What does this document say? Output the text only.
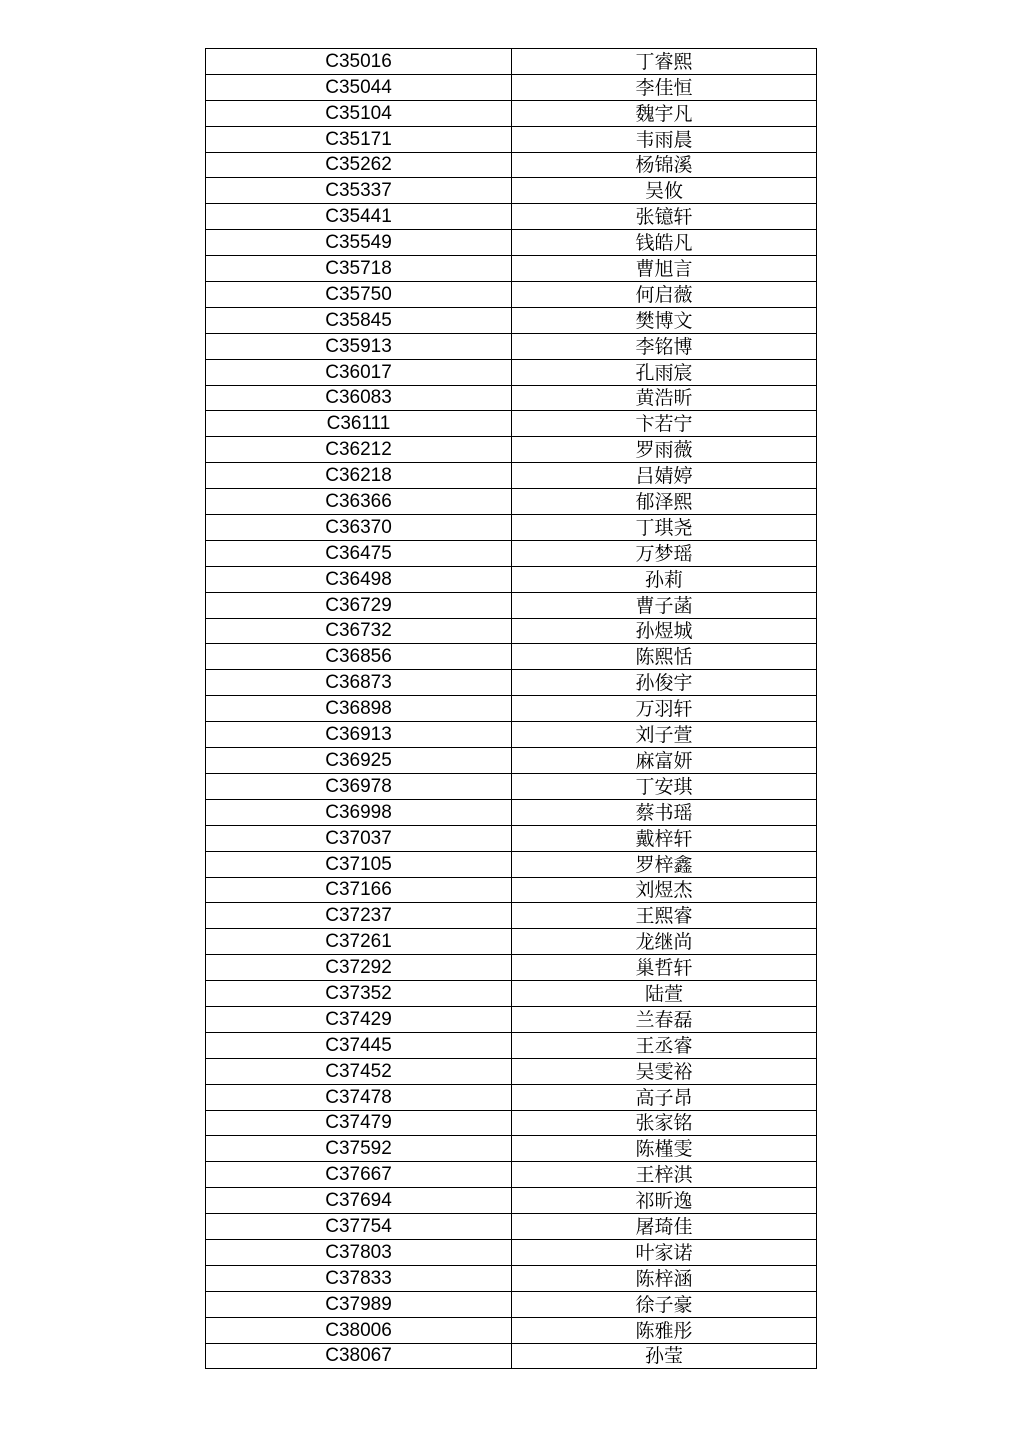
C35016	丁睿熙
C35044	李佳恒
C35104	魏宇凡
C35171	韦雨晨
C35262	杨锦溪
C35337	吴攸
C35441	张镱轩
C35549	钱皓凡
C35718	曹旭言
C35750	何启薇
C35845	樊博文
C35913	李铭博
C36017	孔雨宸
C36083	黄浩昕
C36111	卞若宁
C36212	罗雨薇
C36218	吕婧婷
C36366	郁泽熙
C36370	丁琪尧
C36475	万梦瑶
C36498	孙莉
C36729	曹子菡
C36732	孙煜城
C36856	陈熙恬
C36873	孙俊宇
C36898	万羽轩
C36913	刘子萱
C36925	麻富妍
C36978	丁安琪
C36998	蔡书瑶
C37037	戴梓轩
C37105	罗梓鑫
C37166	刘煜杰
C37237	王熙睿
C37261	龙继尚
C37292	巢哲轩
C37352	陆萱
C37429	兰春磊
C37445	王丞睿
C37452	吴雯裕
C37478	高子昂
C37479	张家铭
C37592	陈槿雯
C37667	王梓淇
C37694	祁昕逸
C37754	屠琦佳
C37803	叶家诺
C37833	陈梓涵
C37989	徐子豪
C38006	陈雅彤
C38067	孙莹
